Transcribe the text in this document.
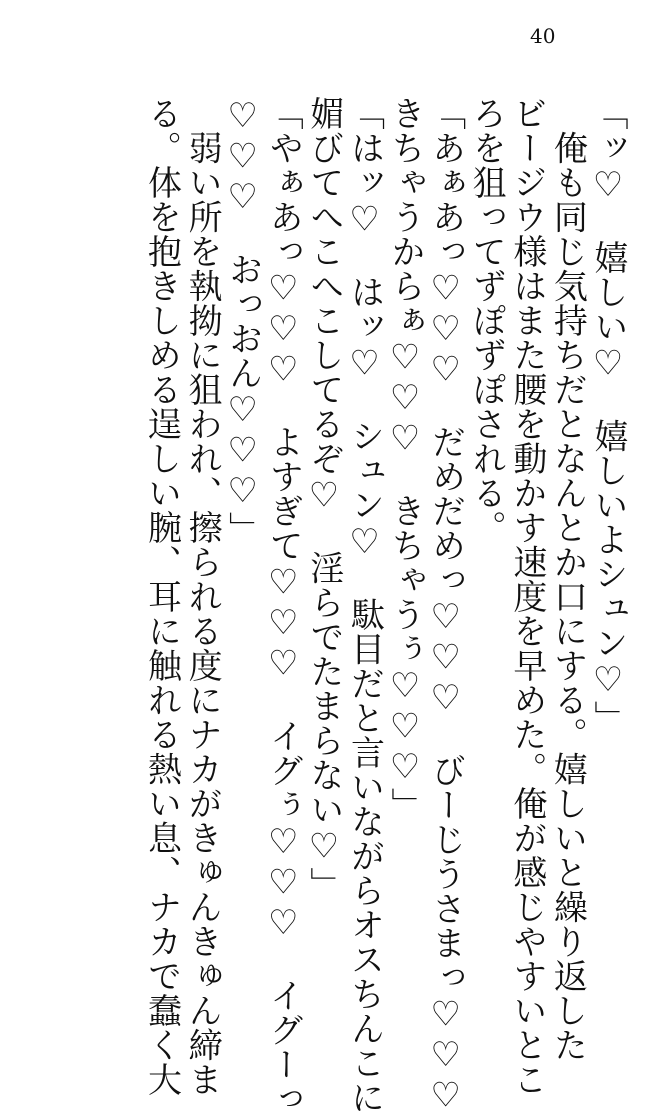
40
「ッ♡　嬉しい♡　嬉しいよシュン♡」
　俺も同じ気持ちだとなんとか口にする。嬉しいと繰り返した
ビージウ様はまた腰を動かす速度を早めた。俺が感じやすいとこ
ろを狙ってずぽずぽされる。
「あぁあっ♡♡♡　だめだめっ♡♡♡　びーじうさまっ♡♡♡
きちゃうからぁ♡♡♡　きちゃうぅ♡♡♡」
「はッ♡　はッ♡　シュン♡　駄目だと言いながらオスちんこに
媚びてへこへこしてるぞ♡　淫らでたまらない♡」
「やぁあっ♡♡♡　よすぎて♡♡♡　イグぅ♡♡♡　イグーっ
♡♡♡　おっおん♡♡♡」
　弱い所を執拗に狙われ、擦られる度にナカがきゅんきゅん締ま
る。体を抱きしめる逞しい腕、耳に触れる熱い息、ナカで蠢く大
